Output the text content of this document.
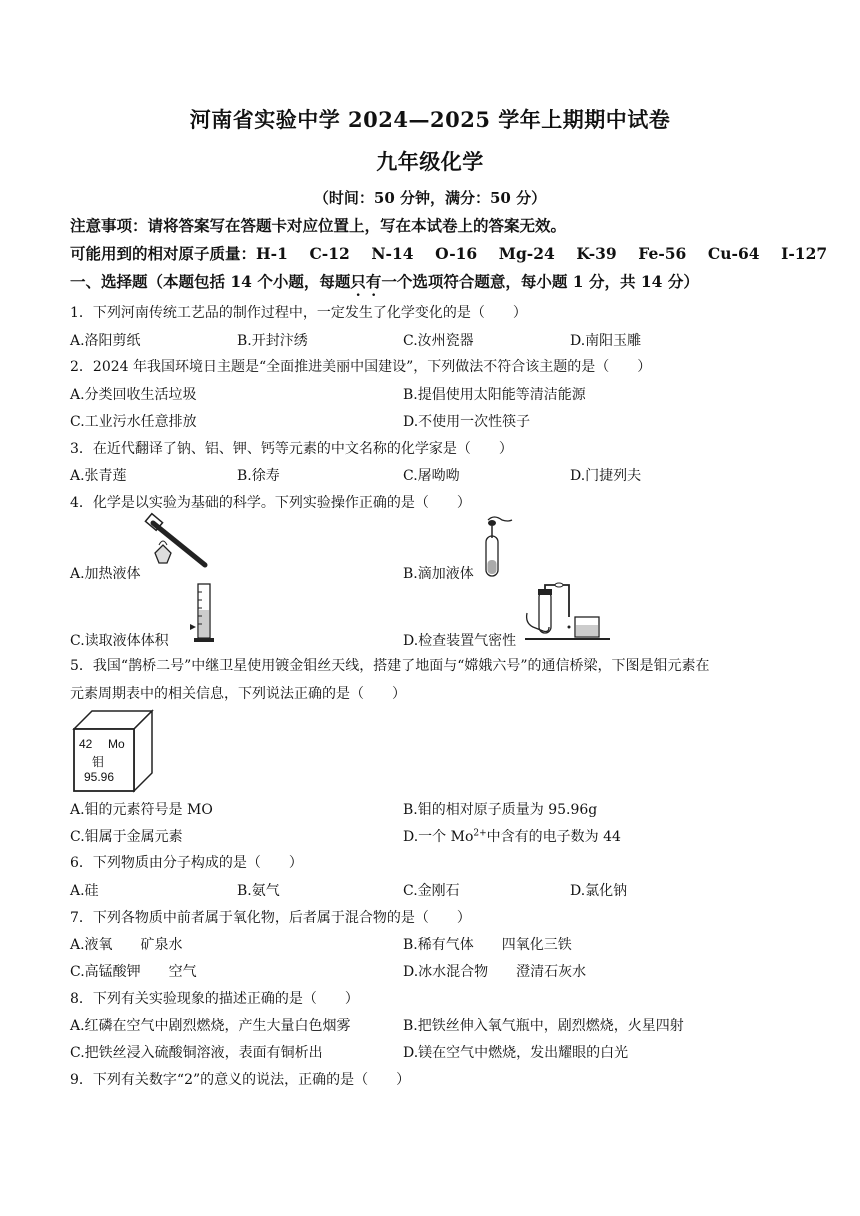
河南省实验中学 2024—2025 学年上期期中试卷
九年级化学
（时间：50 分钟，满分：50 分）
注意事项：请将答案写在答题卡对应位置上，写在本试卷上的答案无效。
可能用到的相对原子质量：H-1    C-12    N-14    O-16    Mg-24    K-39    Fe-56    Cu-64    I-127
一、选择题（本题包括 14 个小题，每题只有一个选项符合题意，每小题 1 分，共 14 分）
1．下列河南传统工艺品的制作过程中，一定发生了化学变化的是（　　）
A.洛阳剪纸	B.开封汴绣	C.汝州瓷器	D.南阳玉雕
2．2024 年我国环境日主题是“全面推进美丽中国建设”，下列做法不符合该主题的是（　　）
A.分类回收生活垃圾	B.提倡使用太阳能等清洁能源
C.工业污水任意排放	D.不使用一次性筷子
3．在近代翻译了钠、铝、钾、钙等元素的中文名称的化学家是（　　）
A.张青莲	B.徐寿	C.屠呦呦	D.门捷列夫
4．化学是以实验为基础的科学。下列实验操作正确的是（　　）
A.加热液体	B.滴加液体
C.读取液体体积	D.检查装置气密性
5．我国“鹊桥二号”中继卫星使用镀金钼丝天线，搭建了地面与“嫦娥六号”的通信桥梁，下图是钼元素在
元素周期表中的相关信息，下列说法正确的是（　　）
42 Mo
钼
95.96
A.钼的元素符号是 MO	B.钼的相对原子质量为 95.96g
C.钼属于金属元素	D.一个 $Mo^{2+}$中含有的电子数为 44
6．下列物质由分子构成的是（　　）
A.硅	B.氨气	C.金刚石	D.氯化钠
7．下列各物质中前者属于氧化物，后者属于混合物的是（　　）
A.液氧　　矿泉水	B.稀有气体　　四氧化三铁
C.高锰酸钾　　空气	D.冰水混合物　　澄清石灰水
8．下列有关实验现象的描述正确的是（　　）
A.红磷在空气中剧烈燃烧，产生大量白色烟雾	B.把铁丝伸入氧气瓶中，剧烈燃烧，火星四射
C.把铁丝浸入硫酸铜溶液，表面有铜析出	D.镁在空气中燃烧，发出耀眼的白光
9．下列有关数字“2”的意义的说法，正确的是（　　）
